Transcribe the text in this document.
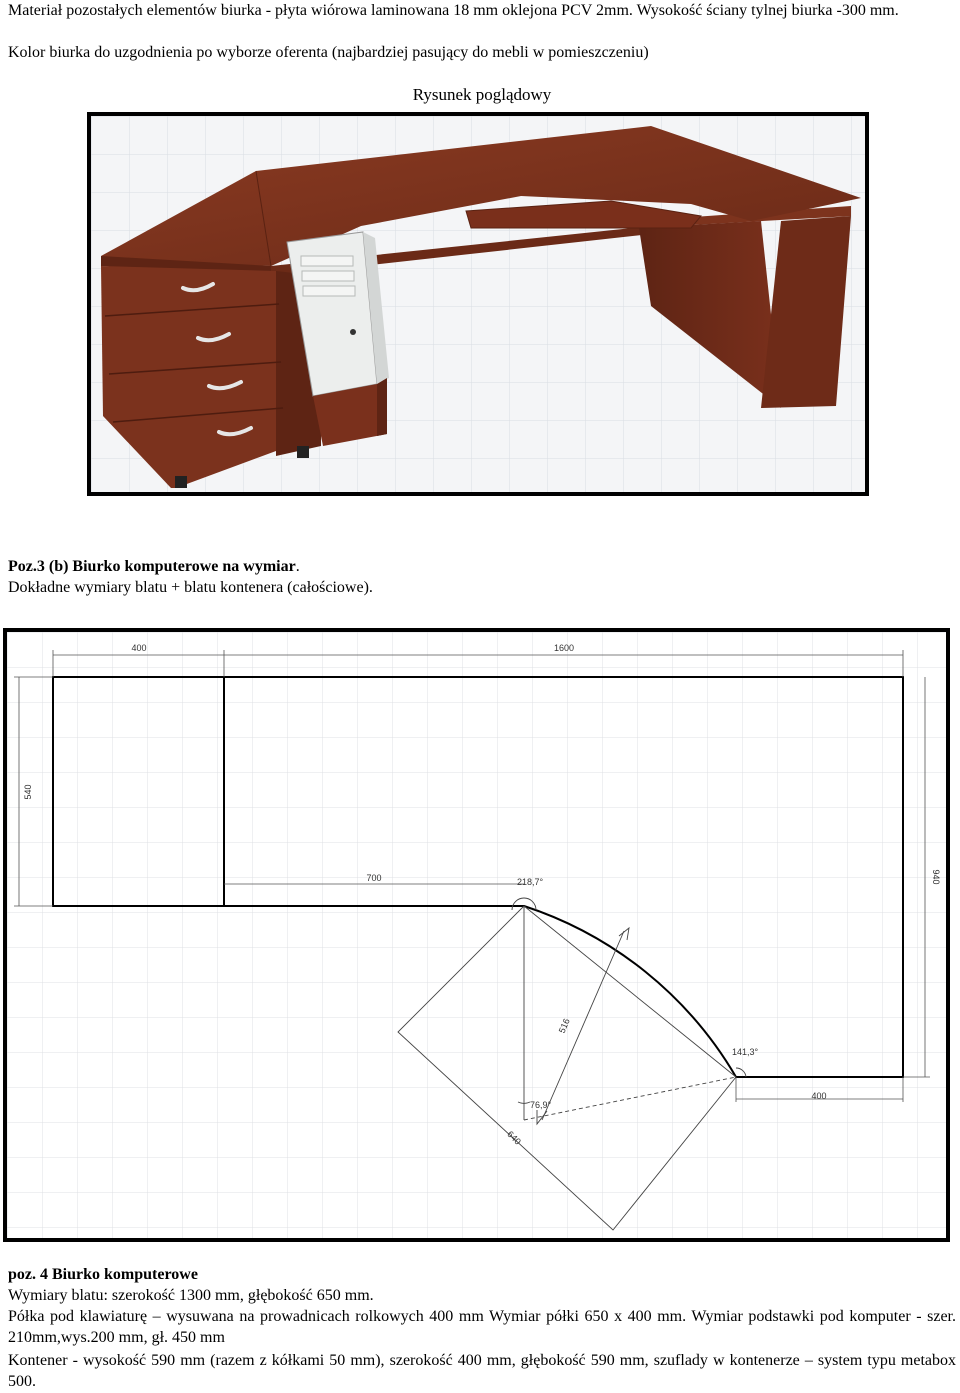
Materiał pozostałych elementów biurka - płyta wiórowa laminowana 18 mm oklejona PCV 2mm. Wysokość ściany tylnej biurka -300 mm.

Kolor biurka do uzgodnienia po wyborze oferenta (najbardziej pasujący do mebli w pomieszczeniu)

Rysunek poglądowy

Poz.3 (b) Biurko komputerowe na wymiar.

Dokładne wymiary blatu + blatu kontenera (całościowe).

400	1600
540
940
700	218,7°
516
141,3°
400
76,9°
640

poz. 4 Biurko komputerowe

Wymiary blatu: szerokość 1300 mm, głębokość 650 mm.

Półka pod klawiaturę – wysuwana na prowadnicach rolkowych 400 mm Wymiar półki 650 x 400 mm. Wymiar podstawki pod komputer - szer. 210mm,wys.200 mm, gł. 450 mm

Kontener - wysokość 590 mm (razem z kółkami 50 mm), szerokość 400 mm, głębokość 590 mm, szuflady w kontenerze – system typu metabox 500.
